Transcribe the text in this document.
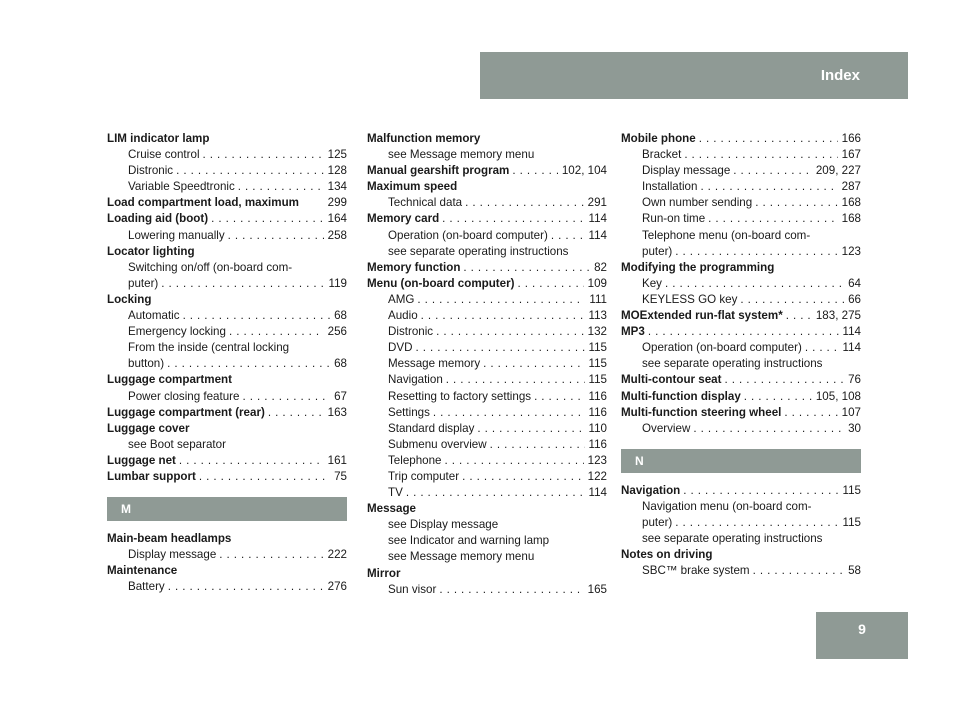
Index
LIM indicator lamp
Cruise control . . .	125
Distronic . . .	128
Variable Speedtronic . . .	134
Load compartment load, maximum 299
Loading aid (boot) . . .	164
Lowering manually . . .	258
Locator lighting
Switching on/off (on-board com-
puter) . . .	119
Locking
Automatic . . .	68
Emergency locking . . .	256
From the inside (central locking
button) . . .	68
Luggage compartment
Power closing feature . . .	67
Luggage compartment (rear) . . .	163
Luggage cover
see Boot separator
Luggage net . . .	161
Lumbar support . . .	75
M
Main-beam headlamps
Display message . . .	222
Maintenance
Battery . . .	276
Malfunction memory
see Message memory menu
Manual gearshift program . . .	102, 104
Maximum speed
Technical data . . .	291
Memory card . . .	114
Operation (on-board computer) . . .	114
see separate operating instructions
Memory function . . .	82
Menu (on-board computer) . . .	109
AMG . . .	111
Audio . . .	113
Distronic . . .	132
DVD . . .	115
Message memory . . .	115
Navigation . . .	115
Resetting to factory settings . . .	116
Settings . . .	116
Standard display . . .	110
Submenu overview . . .	116
Telephone . . .	123
Trip computer . . .	122
TV . . .	114
Message
see Display message
see Indicator and warning lamp
see Message memory menu
Mirror
Sun visor . . .	165
Mobile phone . . .	166
Bracket . . .	167
Display message . . .	209, 227
Installation . . .	287
Own number sending . . .	168
Run-on time . . .	168
Telephone menu (on-board com-
puter) . . .	123
Modifying the programming
Key . . .	64
KEYLESS GO key . . .	66
MOExtended run-flat system* . . .	183, 275
MP3 . . .	114
Operation (on-board computer) . . .	114
see separate operating instructions
Multi-contour seat . . .	76
Multi-function display . . .	105, 108
Multi-function steering wheel . . .	107
Overview . . .	30
N
Navigation . . .	115
Navigation menu (on-board com-
puter) . . .	115
see separate operating instructions
Notes on driving
SBC™ brake system . . .	58
9
